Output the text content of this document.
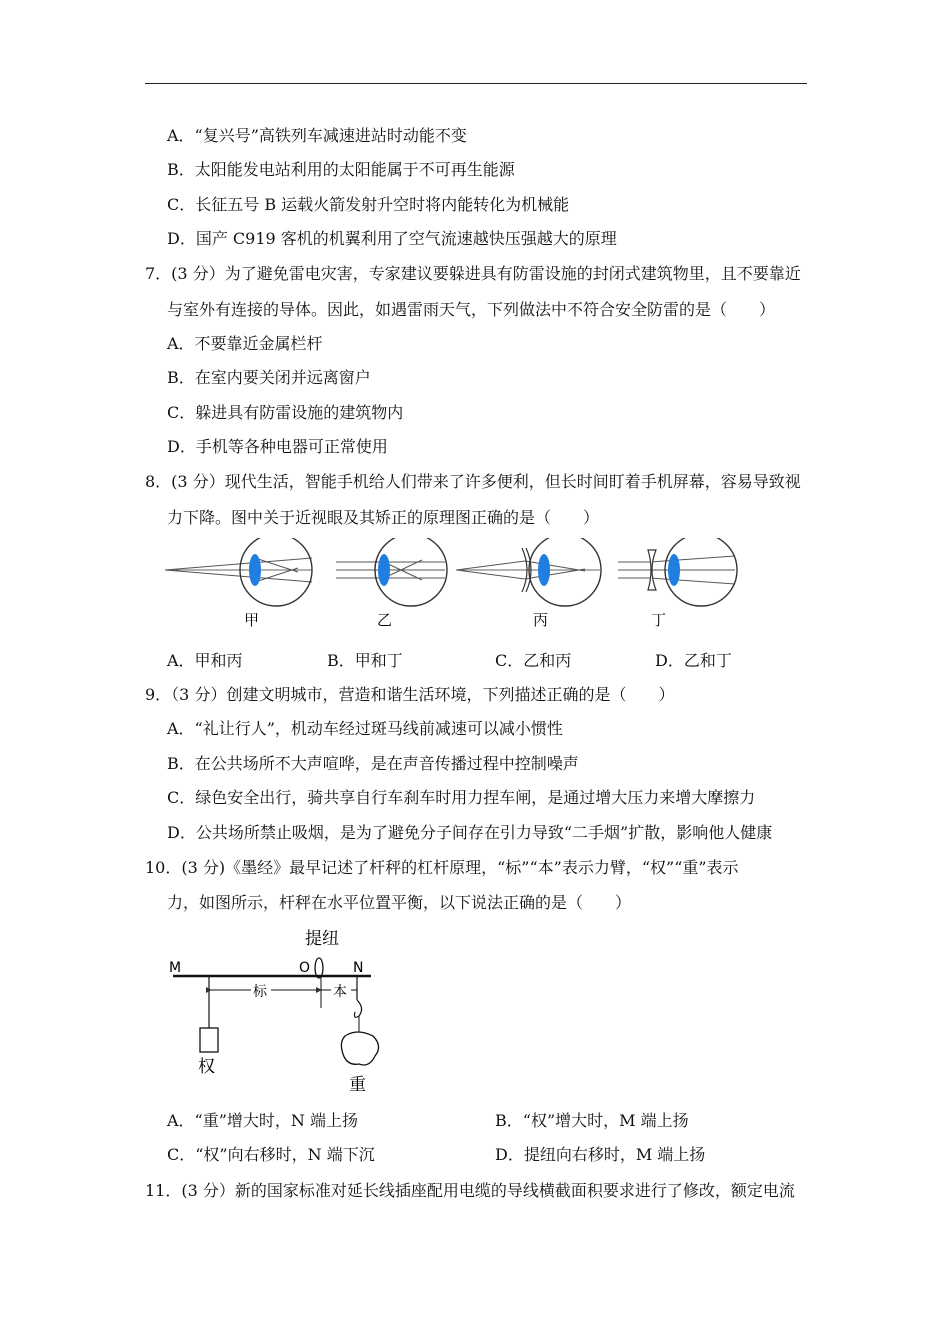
A．“复兴号”高铁列车减速进站时动能不变
B．太阳能发电站利用的太阳能属于不可再生能源
C．长征五号 B 运载火箭发射升空时将内能转化为机械能
D．国产 C919 客机的机翼利用了空气流速越快压强越大的原理
7．(3 分）为了避免雷电灾害，专家建议要躲进具有防雷设施的封闭式建筑物里，且不要靠近
与室外有连接的导体。因此，如遇雷雨天气，下列做法中不符合安全防雷的是（　　）
A．不要靠近金属栏杆
B．在室内要关闭并远离窗户
C．躲进具有防雷设施的建筑物内
D．手机等各种电器可正常使用
8．(3 分）现代生活，智能手机给人们带来了许多便利，但长时间盯着手机屏幕，容易导致视
力下降。图中关于近视眼及其矫正的原理图正确的是（　　）
甲	乙	丙	丁
A．甲和丙	B．甲和丁	C．乙和丙	D．乙和丁
9．（3 分）创建文明城市，营造和谐生活环境，下列描述正确的是（　　）
A．“礼让行人”，机动车经过斑马线前减速可以减小惯性
B．在公共场所不大声喧哗，是在声音传播过程中控制噪声
C．绿色安全出行，骑共享自行车刹车时用力捏车闸，是通过增大压力来增大摩擦力
D．公共场所禁止吸烟，是为了避免分子间存在引力导致“二手烟”扩散，影响他人健康
10．(3 分)《墨经》最早记述了杆秤的杠杆原理，“标”“本”表示力臂，“权”“重”表示
力，如图所示，杆秤在水平位置平衡，以下说法正确的是（　　）
M	O	N
提纽
权
标	本
重
A．“重”增大时，N 端上扬	B．“权”增大时，M 端上扬
C．“权”向右移时，N 端下沉	D．提纽向右移时，M 端上扬
11．(3 分）新的国家标准对延长线插座配用电缆的导线横截面积要求进行了修改，额定电流
